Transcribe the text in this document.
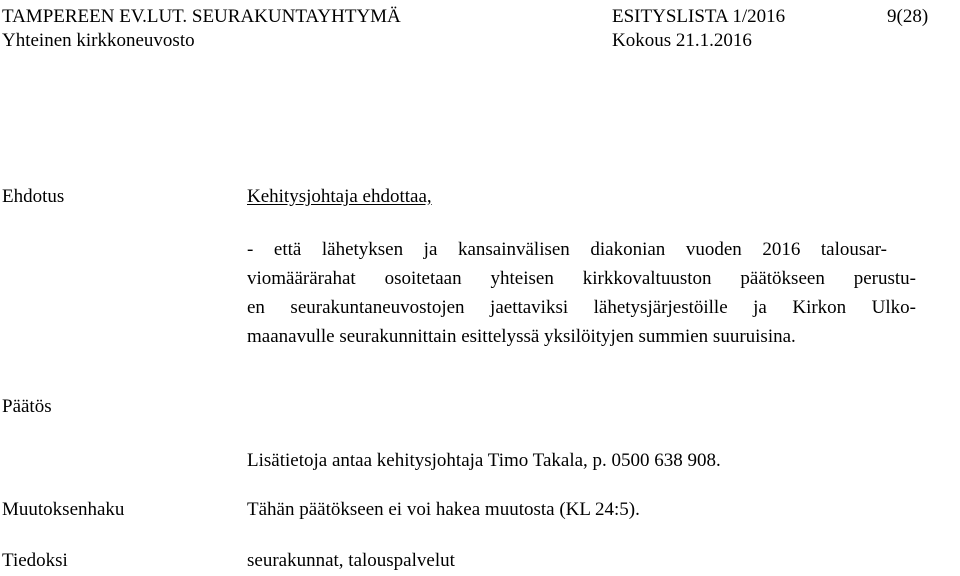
TAMPEREEN EV.LUT. SEURAKUNTAYHTYMÄ	ESITYSLISTA 1/2016	9(28)
Yhteinen kirkkoneuvosto	Kokous 21.1.2016
Ehdotus	Kehitysjohtaja ehdottaa,
- että lähetyksen ja kansainvälisen diakonian vuoden 2016 talousar-
viomäärärahat osoitetaan yhteisen kirkkovaltuuston päätökseen perustu-
en seurakuntaneuvostojen jaettaviksi lähetysjärjestöille ja Kirkon Ulko-
maanavulle seurakunnittain esittelyssä yksilöityjen summien suuruisina.
Päätös
Lisätietoja antaa kehitysjohtaja Timo Takala, p. 0500 638 908.
Muutoksenhaku	Tähän päätökseen ei voi hakea muutosta (KL 24:5).
Tiedoksi	seurakunnat, talouspalvelut
